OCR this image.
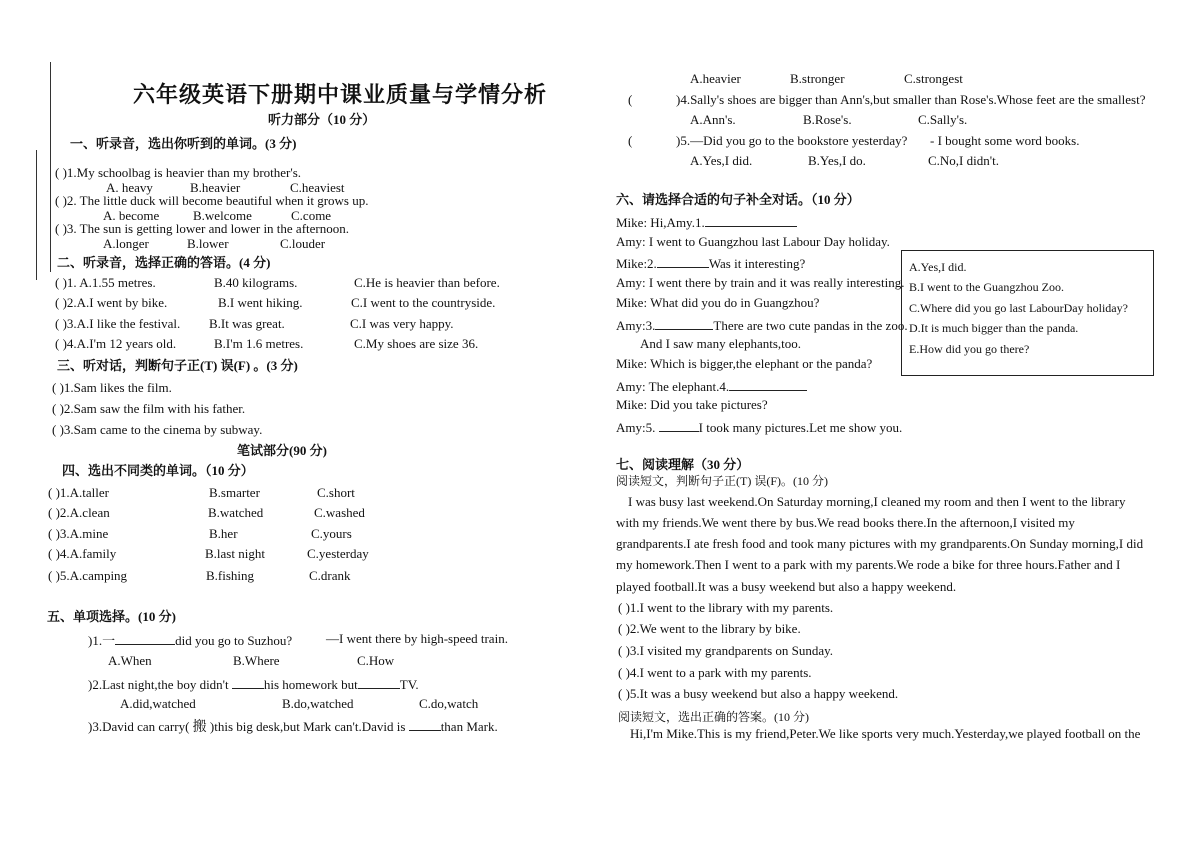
六年级英语下册期中课业质量与学情分析
听力部分（10 分）
一、听录音，选出你听到的单词。(3 分)
( )1.My schoolbag is heavier than my brother's.
A. heavy	B.heavier	C.heaviest
( )2. The little duck will become beautiful when it grows up.
A. become	B.welcome	C.come
( )3. The sun is getting lower and lower in the afternoon.
A.longer	B.lower	C.louder
二、听录音，选择正确的答语。(4 分)
( )1. A.1.55 metres.	B.40 kilograms.	C.He is heavier than before.
( )2.A.I went by bike.	B.I went hiking.	C.I went to the countryside.
( )3.A.I like the festival. B.It was great.	C.I was very happy.
( )4.A.I'm 12 years old.	B.I'm 1.6 metres.	C.My shoes are size 36.
三、听对话，判断句子正(T) 误(F) 。(3 分)
( )1.Sam likes the film.
( )2.Sam saw the film with his father.
( )3.Sam came to the cinema by subway.
笔试部分(90 分)
四、选出不同类的单词。（10 分）
( )1.A.taller	B.smarter	C.short
( )2.A.clean	B.watched	C.washed
( )3.A.mine	B.her	C.yours
( )4.A.family	B.last night	C.yesterday
( )5.A.camping	B.fishing	C.drank
五、单项选择。(10 分)
)1.一	did you go to Suzhou?	—I went there by high-speed train.
A.When	B.Where	C.How
)2.Last night,the boy didn't	his homework but	TV.
A.did,watched	B.do,watched	C.do,watch
)3.David can carry( 搬 )this big desk,but Mark can't.David is	than Mark.
A.heavier	B.stronger	C.strongest
(	)4.Sally's shoes are bigger than Ann's,but smaller than Rose's.Whose feet are the smallest?
A.Ann's.	B.Rose's.	C.Sally's.
(	)5.—Did you go to the bookstore yesterday? - I bought some word books.
A.Yes,I did.	B.Yes,I do.	C.No,I didn't.
六、请选择合适的句子补全对话。（10 分）
Mike: Hi,Amy.1.
Amy: I went to Guangzhou last Labour Day holiday.
Mike:2.	Was it interesting?
Amy: I went there by train and it was really interesting.
Mike: What did you do in Guangzhou?
Amy:3.	There are two cute pandas in the zoo.
And I saw many elephants,too.
Mike: Which is bigger,the elephant or the panda?
Amy: The elephant.4.
Mike: Did you take pictures?
Amy:5.	I took many pictures.Let me show you.
A.Yes,I did.
B.I went to the Guangzhou Zoo.
C.Where did you go last LabourDay holiday?
D.It is much bigger than the panda.
E.How did you go there?
七、阅读理解（30 分）
阅读短文，判断句子正(T) 误(F)。(10 分)
I was busy last weekend.On Saturday morning,I cleaned my room and then I went to the library
with my friends.We went there by bus.We read books there.In the afternoon,I visited my
grandparents.I ate fresh food and took many pictures with my grandparents.On Sunday morning,I did
my homework.Then I went to a park with my parents.We rode a bike for three hours.Father and I
played football.It was a busy weekend but also a happy weekend.
( )1.I went to the library with my parents.
( )2.We went to the library by bike.
( )3.I visited my grandparents on Sunday.
( )4.I went to a park with my parents.
( )5.It was a busy weekend but also a happy weekend.
阅读短文，选出正确的答案。(10 分)
Hi,I'm Mike.This is my friend,Peter.We like sports very much.Yesterday,we played football on the
